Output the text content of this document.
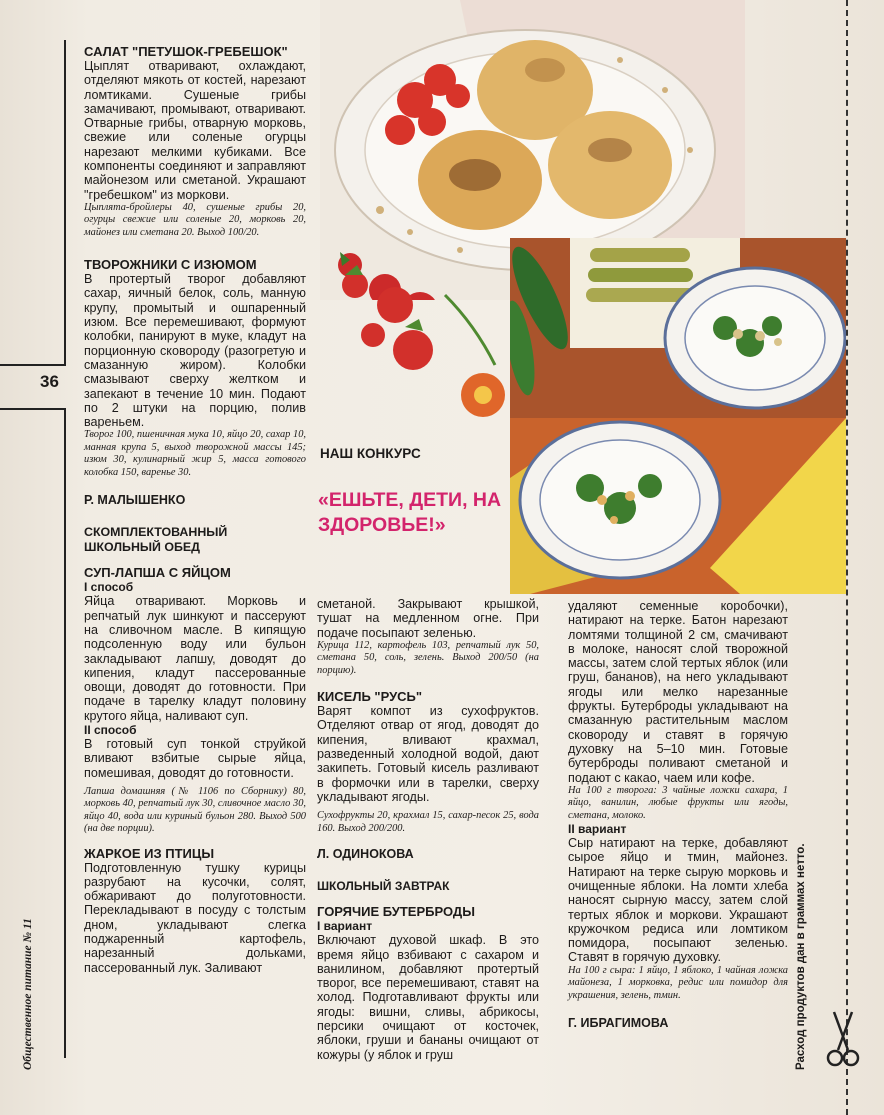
36
Общественное питание № 11	Расход продуктов дан в граммах нетто.
САЛАТ "ПЕТУШОК-ГРЕБЕШОК"

Цыплят отваривают, охлаждают, отделяют мякоть от костей, нарезают ломтиками. Сушеные грибы замачивают, промывают, отваривают. Отварные грибы, отварную морковь, свежие или соленые огурцы нарезают мелкими кубиками. Все компоненты соединяют и заправляют майонезом или сметаной. Украшают "гребешком" из моркови.

Цыплята-бройлеры 40, сушеные грибы 20, огурцы свежие или соленые 20, морковь 20, майонез или сметана 20. Выход 100/20.

ТВОРОЖНИКИ С ИЗЮМОМ

В протертый творог добавляют сахар, яичный белок, соль, манную крупу, промытый и ошпаренный изюм. Все перемешивают, формуют колобки, панируют в муке, кладут на порционную сковороду (разогретую и смазанную жиром). Колобки смазывают сверху желтком и запекают в течение 10 мин. Подают по 2 штуки на порцию, полив вареньем.

Творог 100, пшеничная мука 10, яйцо 20, сахар 10, манная крупа 5, выход творожной массы 145; изюм 30, кулинарный жир 5, масса готового колобка 150, варенье 30.

Р. МАЛЫШЕНКО
СКОМПЛЕКТОВАННЫЙ ШКОЛЬНЫЙ ОБЕД
СУП-ЛАПША С ЯЙЦОМ
I способ

Яйца отваривают. Морковь и репчатый лук шинкуют и пассеруют на сливочном масле. В кипящую подсоленную воду или бульон закладывают лапшу, доводят до кипения, кладут пассерованные овощи, доводят до готовности. При подаче в тарелку кладут половину крутого яйца, наливают суп.

II способ

В готовый суп тонкой струйкой вливают взбитые сырые яйца, помешивая, доводят до готовности.

Лапша домашняя (№ 1106 по Сборнику) 80, морковь 40, репчатый лук 30, сливочное масло 30, яйцо 40, вода или куриный бульон 280. Выход 500 (на две порции).

ЖАРКОЕ ИЗ ПТИЦЫ

Подготовленную тушку курицы разрубают на кусочки, солят, обжаривают до полуготовности. Перекладывают в посуду с толстым дном, укладывают слегка поджаренный картофель, нарезанный дольками, пассерованный лук. Заливают

НАШ КОНКУРС
«ЕШЬТЕ, ДЕТИ, НА ЗДОРОВЬЕ!»

сметаной. Закрывают крышкой, тушат на медленном огне. При подаче посыпают зеленью.

Курица 112, картофель 103, репчатый лук 50, сметана 50, соль, зелень. Выход 200/50 (на порцию).

КИСЕЛЬ "РУСЬ"

Варят компот из сухофруктов. Отделяют отвар от ягод, доводят до кипения, вливают крахмал, разведенный холодной водой, дают закипеть. Готовый кисель разливают в формочки или в тарелки, сверху укладывают ягоды.

Сухофрукты 20, крахмал 15, сахар-песок 25, вода 160. Выход 200/200.

Л. ОДИНОКОВА
ШКОЛЬНЫЙ ЗАВТРАК
ГОРЯЧИЕ БУТЕРБРОДЫ
I вариант

Включают духовой шкаф. В это время яйцо взбивают с сахаром и ванилином, добавляют протертый творог, все перемешивают, ставят на холод. Подготавливают фрукты или ягоды: вишни, сливы, абрикосы, персики очищают от косточек, яблоки, груши и бананы очищают от кожуры (у яблок и груш

удаляют семенные коробочки), натирают на терке. Батон нарезают ломтями толщиной 2 см, смачивают в молоке, наносят слой творожной массы, затем слой тертых яблок (или груш, бананов), на него укладывают ягоды или мелко нарезанные фрукты. Бутерброды укладывают на смазанную растительным маслом сковороду и ставят в горячую духовку на 5–10 мин. Готовые бутерброды поливают сметаной и подают с какао, чаем или кофе.

На 100 г творога: 3 чайные ложки сахара, 1 яйцо, ванилин, любые фрукты или ягоды, сметана, молоко.

II вариант

Сыр натирают на терке, добавляют сырое яйцо и тмин, майонез. Натирают на терке сырую морковь и очищенные яблоки. На ломти хлеба наносят сырную массу, затем слой тертых яблок и моркови. Украшают кружочком редиса или ломтиком помидора, посыпают зеленью. Ставят в горячую духовку.

На 100 г сыра: 1 яйцо, 1 яблоко, 1 чайная ложка майонеза, 1 морковка, редис или помидор для украшения, зелень, тмин.

Г. ИБРАГИМОВА
